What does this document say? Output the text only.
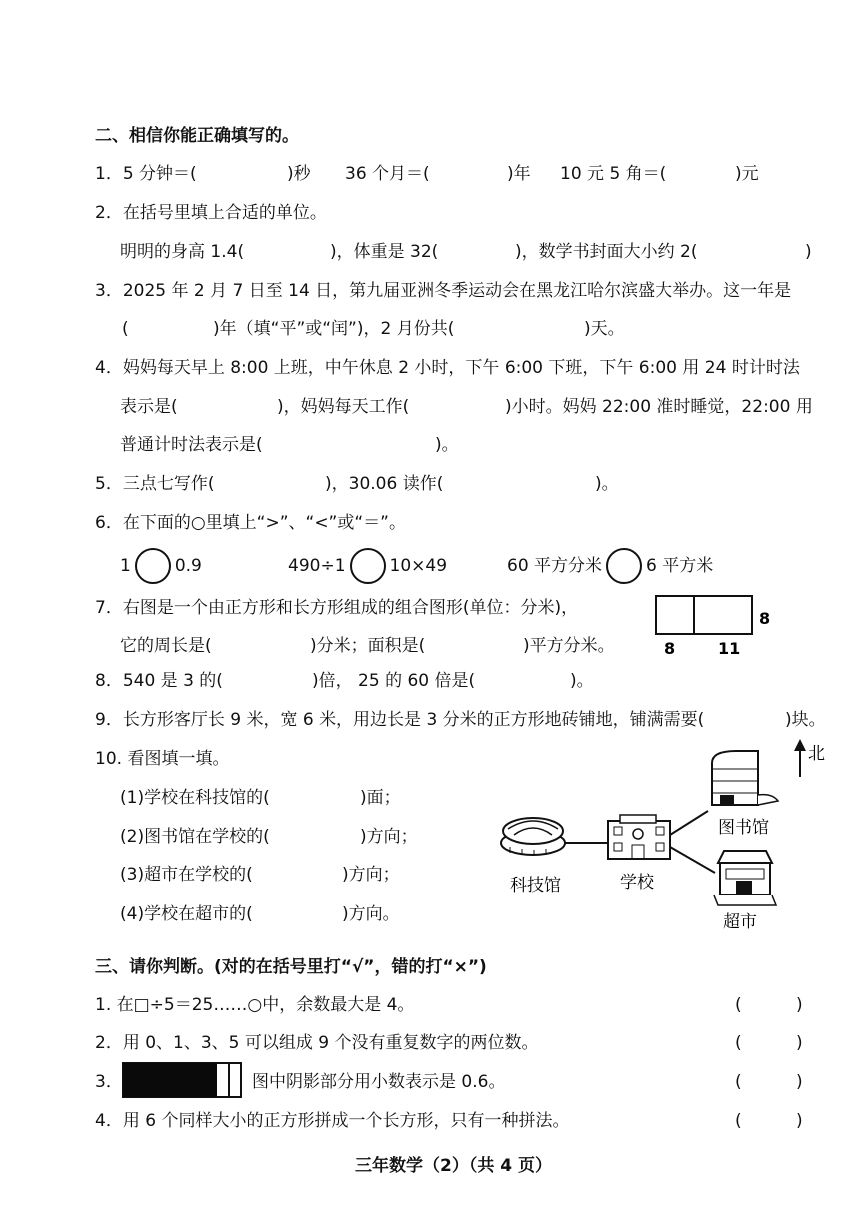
二、相信你能正确填写的。
1．5 分钟＝(	)秒 36 个月＝(	)年 10 元 5 角＝(	)元
2．在括号里填上合适的单位。
明明的身高 1.4(	)，体重是 32(	)，数学书封面大小约 2(	)
3．2025 年 2 月 7 日至 14 日，第九届亚洲冬季运动会在黑龙江哈尔滨盛大举办。这一年是
(	)年（填“平”或“闰”)，2 月份共(	)天。
4．妈妈每天早上 8:00 上班，中午休息 2 小时，下午 6:00 下班，下午 6:00 用 24 时计时法
表示是(	)，妈妈每天工作(	)小时。妈妈 22:00 准时睡觉，22:00 用
普通计时法表示是(	)。
5．三点七写作(	)，30.06 读作(	)。
6．在下面的○里填上“>”、“<”或“＝”。
1	0.9	490÷1	10×49	60 平方分米	6 平方米
7．右图是一个由正方形和长方形组成的组合图形(单位：分米)，
它的周长是(	)分米；面积是(	)平方分米。
8
8	11
8．540 是 3 的(	)倍， 25 的 60 倍是(	)。
9．长方形客厅长 9 米，宽 6 米，用边长是 3 分米的正方形地砖铺地，铺满需要(	)块。
10. 看图填一填。
(1)学校在科技馆的(	)面；
(2)图书馆在学校的(	)方向；
(3)超市在学校的(	)方向；
(4)学校在超市的(	)方向。
北
科技馆	学校
图书馆
超市
三、请你判断。(对的在括号里打“√”，错的打“×”)
1. 在□÷5＝25……○中，余数最大是 4。	(	)
2．用 0、1、3、5 可以组成 9 个没有重复数字的两位数。	(	)
3．	图中阴影部分用小数表示是 0.6。	(	)
4．用 6 个同样大小的正方形拼成一个长方形，只有一种拼法。	(	)
三年数学（2）（共 4 页）
